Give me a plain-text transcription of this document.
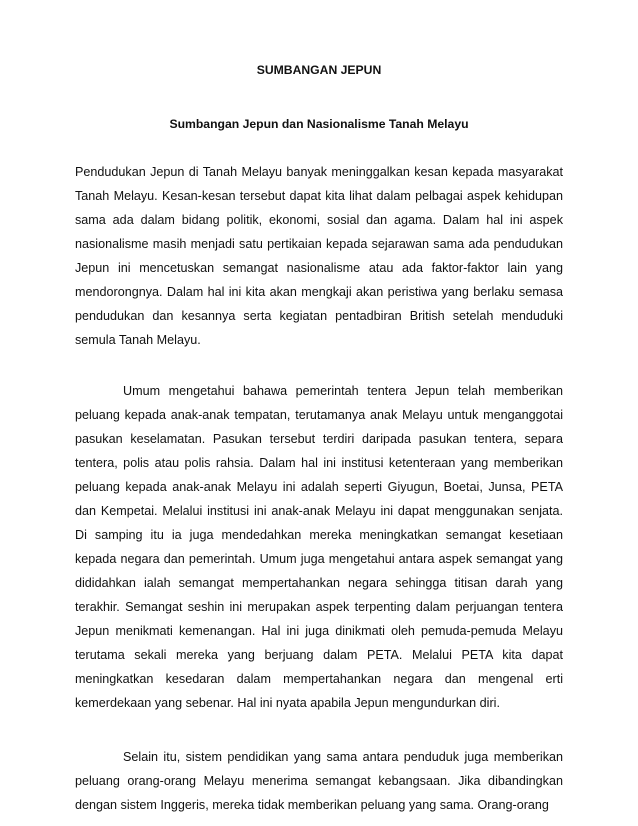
SUMBANGAN JEPUN
Sumbangan Jepun dan Nasionalisme Tanah Melayu

Pendudukan Jepun di Tanah Melayu banyak meninggalkan kesan kepada masyarakat Tanah Melayu. Kesan-kesan tersebut dapat kita lihat dalam pelbagai aspek kehidupan sama ada dalam bidang politik, ekonomi, sosial dan agama. Dalam hal ini aspek nasionalisme masih menjadi satu pertikaian kepada sejarawan sama ada pendudukan Jepun ini mencetuskan semangat nasionalisme atau ada faktor-faktor lain yang mendorongnya. Dalam hal ini kita akan mengkaji akan peristiwa yang berlaku semasa pendudukan dan kesannya serta kegiatan pentadbiran British setelah menduduki semula Tanah Melayu.

Umum mengetahui bahawa pemerintah tentera Jepun telah memberikan peluang kepada anak-anak tempatan, terutamanya anak Melayu untuk menganggotai pasukan keselamatan. Pasukan tersebut terdiri daripada pasukan tentera, separa tentera, polis atau polis rahsia. Dalam hal ini institusi ketenteraan yang memberikan peluang kepada anak-anak Melayu ini adalah seperti Giyugun, Boetai, Junsa, PETA dan Kempetai. Melalui institusi ini anak-anak Melayu ini dapat menggunakan senjata. Di samping itu ia juga mendedahkan mereka meningkatkan semangat kesetiaan kepada negara dan pemerintah. Umum juga mengetahui antara aspek semangat yang dididahkan ialah semangat mempertahankan negara sehingga titisan darah yang terakhir. Semangat seshin ini merupakan aspek terpenting dalam perjuangan tentera Jepun menikmati kemenangan. Hal ini juga dinikmati oleh pemuda-pemuda Melayu terutama sekali mereka yang berjuang dalam PETA. Melalui PETA kita dapat meningkatkan kesedaran dalam mempertahankan negara dan mengenal erti kemerdekaan yang sebenar. Hal ini nyata apabila Jepun mengundurkan diri.

Selain itu, sistem pendidikan yang sama antara penduduk juga memberikan peluang orang-orang Melayu menerima semangat kebangsaan. Jika dibandingkan dengan sistem Inggeris, mereka tidak memberikan peluang yang sama. Orang-orang
